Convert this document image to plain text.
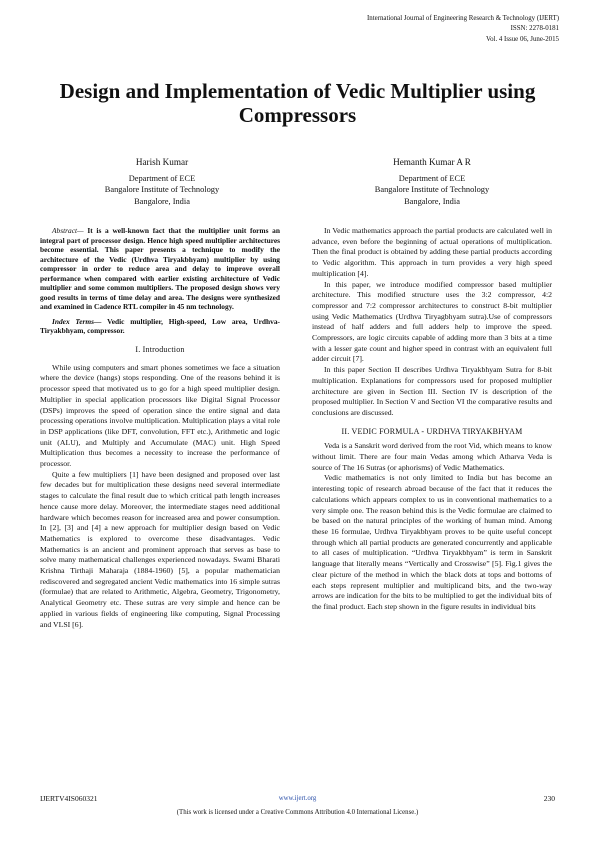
International Journal of Engineering Research & Technology (IJERT)
ISSN: 2278-0181
Vol. 4 Issue 06, June-2015
Design and Implementation of Vedic Multiplier using Compressors
Harish Kumar
Department of ECE
Bangalore Institute of Technology
Bangalore, India
Hemanth Kumar A R
Department of ECE
Bangalore Institute of Technology
Bangalore, India

Abstract— It is a well-known fact that the multiplier unit forms an integral part of processor design. Hence high speed multiplier architectures become essential. This paper presents a technique to modify the architecture of the Vedic (Urdhva Tiryakbhyam) multiplier by using compressor in order to reduce area and delay to improve overall performance when compared with earlier existing architecture of Vedic multiplier and some common multipliers. The proposed design shows very good results in terms of time delay and area. The designs were synthesized and examined in Cadence RTL compiler in 45 nm technology.

Index Terms— Vedic multiplier, High-speed, Low area, Urdhva-Tiryakbhyam, compressor.

I. Introduction

While using computers and smart phones sometimes we face a situation where the device (hangs) stops responding. One of the reasons behind it is processor speed that motivated us to go for a high speed multiplier design. Multiplier in special application processors like Digital Signal Processor (DSPs) improves the speed of operation since the entire signal and data processing operations involve multiplication. Multiplication plays a vital role in DSP applications (like DFT, convolution, FFT etc.), Arithmetic and logic unit (ALU), and Multiply and Accumulate (MAC) unit. High Speed Multiplication thus becomes a necessity to increase the performance of processor.

Quite a few multipliers [1] have been designed and proposed over last few decades but for multiplication these designs need several intermediate stages to calculate the final result due to which critical path length increases hence cause more delay. Moreover, the intermediate stages need additional hardware which becomes reason for increased area and power consumption. In [2], [3] and [4] a new approach for multiplier design based on Vedic Mathematics is explored to overcome these disadvantages. Vedic Mathematics is an ancient and prominent approach that serves as base to solve many mathematical challenges experienced nowadays. Swami Bharati Krishna Tirthaji Maharaja (1884-1960) [5], a popular mathematician rediscovered and segregated ancient Vedic mathematics into 16 simple sutras (formulae) that are related to Arithmetic, Algebra, Geometry, Trigonometry, Analytical Geometry etc. These sutras are very simple and hence can be applied in various fields of engineering like computing, Signal Processing and VLSI [6].

In Vedic mathematics approach the partial products are calculated well in advance, even before the beginning of actual operations of multiplication. Then the final product is obtained by adding these partial products according to Vedic algorithm. This approach in turn provides a very high speed multiplication [4].

In this paper, we introduce modified compressor based multiplier architecture. This modified structure uses the 3:2 compressor, 4:2 compressor and 7:2 compressor architectures to construct 8-bit multiplier using Vedic Mathematics (Urdhva Tiryagbhyam sutra).Use of compressors instead of half adders and full adders help to improve the speed. Compressors, are logic circuits capable of adding more than 3 bits at a time with a lesser gate count and higher speed in contrast with an equivalent full adder circuit [7].

In this paper Section II describes Urdhva Tiryakbhyam Sutra for 8-bit multiplication. Explanations for compressors used for proposed multiplier architecture are given in Section III. Section IV is description of the proposed multiplier. In Section V and Section VI the comparative results and conclusions are discussed.

II. VEDIC FORMULA - URDHVA TIRYAKBHYAM

Veda is a Sanskrit word derived from the root Vid, which means to know without limit. There are four main Vedas among which Atharva Veda is source of The 16 Sutras (or aphorisms) of Vedic Mathematics.

Vedic mathematics is not only limited to India but has become an interesting topic of research abroad because of the fact that it reduces the calculations which appears complex to us in conventional mathematics to a very simple one. The reason behind this is the Vedic formulae are claimed to be based on the natural principles of the working of human mind. Among these 16 formulae, Urdhva Tiryakbhyam proves to be quite useful concept through which all partial products are generated concurrently and applicable to all cases of multiplication. “Urdhva Tiryakbhyam” is term in Sanskrit language that literally means “Vertically and Crosswise” [5]. Fig.1 gives the clear picture of the method in which the black dots at tops and bottoms of each steps represent multiplier and multiplicand bits, and the two-way arrows are indication for the bits to be multiplied to get the individual bits of the final product. Each step shown in the figure results in individual bits

IJERTV4IS060321	www.ijert.org	230
(This work is licensed under a Creative Commons Attribution 4.0 International License.)
